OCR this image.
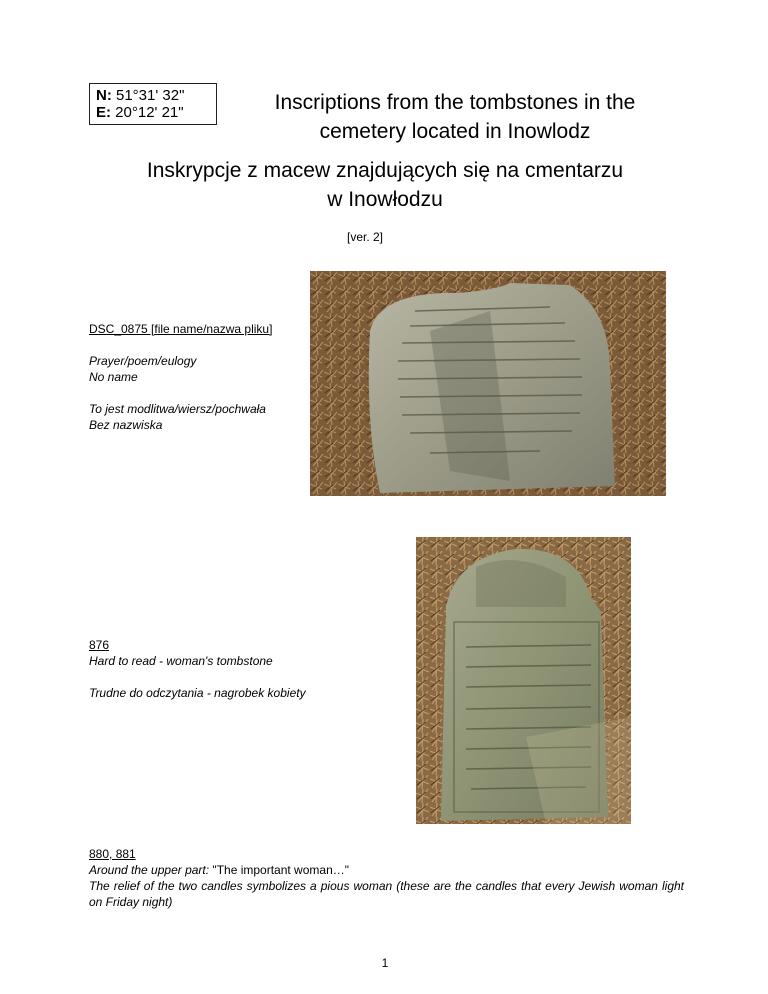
N: 51°31' 32"
E: 20°12' 21"	Inscriptions from the tombstones in the
cemetery located in Inowlodz
Inskrypcje z macew znajdujących się na cmentarzu
w Inowłodzu
[ver. 2]
DSC_0875 [file name/nazwa pliku]
Prayer/poem/eulogy
No name
To jest modlitwa/wiersz/pochwała
Bez nazwiska
876
Hard to read - woman's tombstone
Trudne do odczytania - nagrobek kobiety
880, 881
Around the upper part: "The important woman…"
The relief of the two candles symbolizes a pious woman (these are the candles that every Jewish woman light on Friday night)
1
